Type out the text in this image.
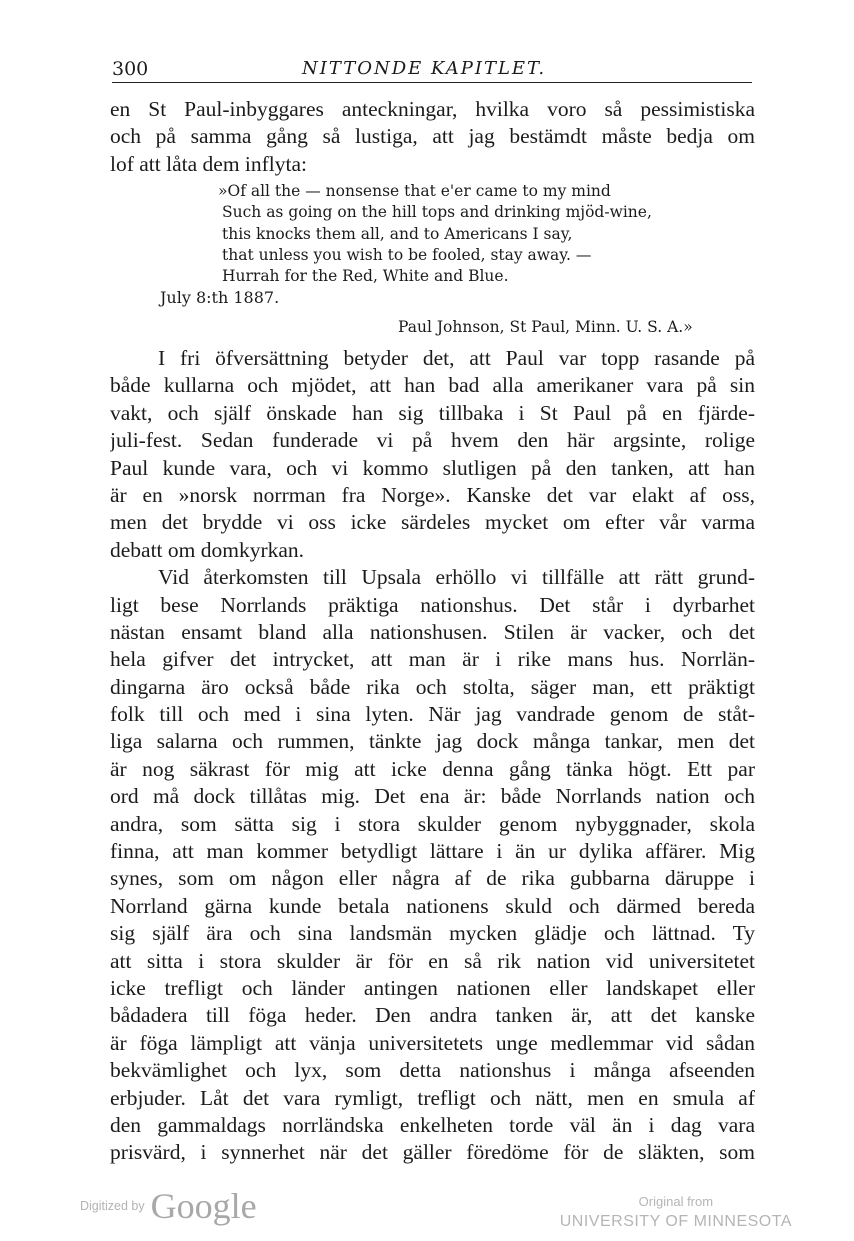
300	NITTONDE KAPITLET.
en St Paul-inbyggares anteckningar, hvilka voro så pessimistiska
och på samma gång så lustiga, att jag bestämdt måste bedja om
lof att låta dem inflyta:
»Of all the — nonsense that e'er came to my mind
Such as going on the hill tops and drinking mjöd-wine,
this knocks them all, and to Americans I say,
that unless you wish to be fooled, stay away. —
Hurrah for the Red, White and Blue.
July 8:th 1887.
Paul Johnson, St Paul, Minn. U. S. A.»
I fri öfversättning betyder det, att Paul var topp rasande på
både kullarna och mjödet, att han bad alla amerikaner vara på sin
vakt, och själf önskade han sig tillbaka i St Paul på en fjärde-
juli-fest. Sedan funderade vi på hvem den här argsinte, rolige
Paul kunde vara, och vi kommo slutligen på den tanken, att han
är en »norsk norrman fra Norge». Kanske det var elakt af oss,
men det brydde vi oss icke särdeles mycket om efter vår varma
debatt om domkyrkan.
Vid återkomsten till Upsala erhöllo vi tillfälle att rätt grund-
ligt bese Norrlands präktiga nationshus. Det står i dyrbarhet
nästan ensamt bland alla nationshusen. Stilen är vacker, och det
hela gifver det intrycket, att man är i rike mans hus. Norrlän-
dingarna äro också både rika och stolta, säger man, ett präktigt
folk till och med i sina lyten. När jag vandrade genom de ståt-
liga salarna och rummen, tänkte jag dock många tankar, men det
är nog säkrast för mig att icke denna gång tänka högt. Ett par
ord må dock tillåtas mig. Det ena är: både Norrlands nation och
andra, som sätta sig i stora skulder genom nybyggnader, skola
finna, att man kommer betydligt lättare i än ur dylika affärer. Mig
synes, som om någon eller några af de rika gubbarna däruppe i
Norrland gärna kunde betala nationens skuld och därmed bereda
sig själf ära och sina landsmän mycken glädje och lättnad. Ty
att sitta i stora skulder är för en så rik nation vid universitetet
icke trefligt och länder antingen nationen eller landskapet eller
bådadera till föga heder. Den andra tanken är, att det kanske
är föga lämpligt att vänja universitetets unge medlemmar vid sådan
bekvämlighet och lyx, som detta nationshus i många afseenden
erbjuder. Låt det vara rymligt, trefligt och nätt, men en smula af
den gammaldags norrländska enkelheten torde väl än i dag vara
prisvärd, i synnerhet när det gäller föredöme för de släkten, som
Digitized by Google	Original from
UNIVERSITY OF MINNESOTA
